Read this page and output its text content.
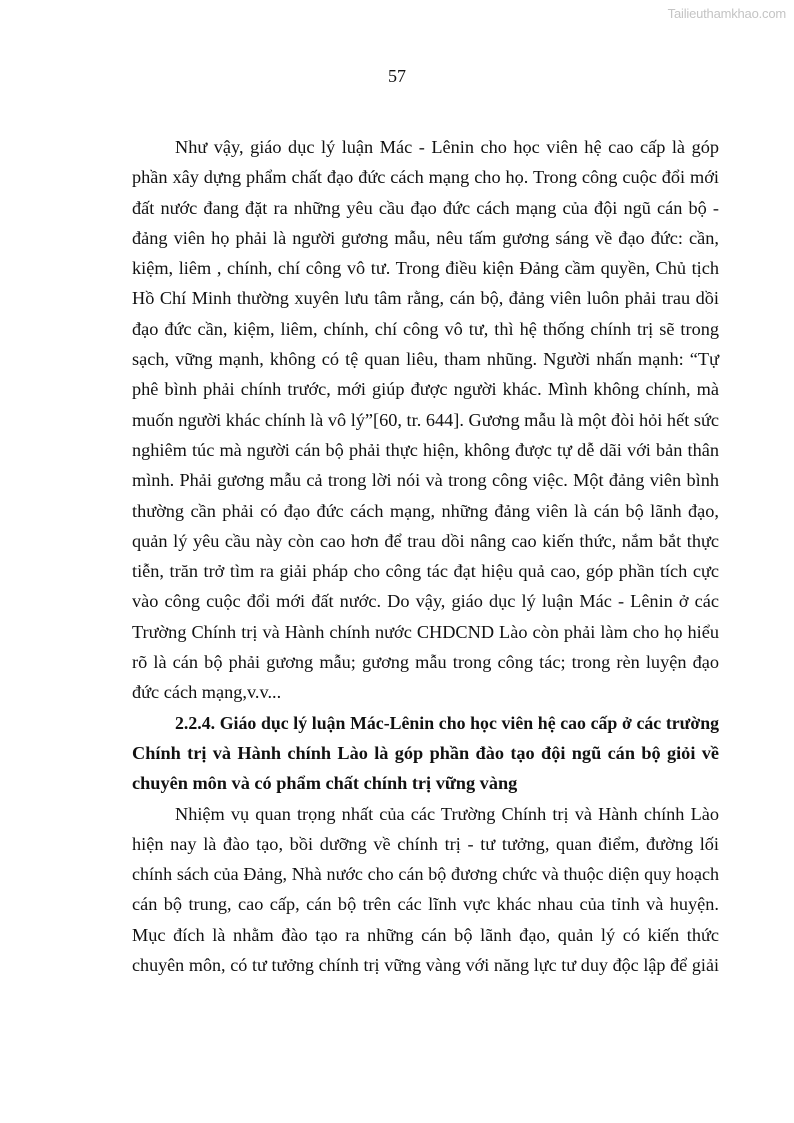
Tailieuthamkhao.com
57
Như vậy, giáo dục lý luận Mác - Lênin cho học viên hệ cao cấp là góp
phần xây dựng phẩm chất đạo đức cách mạng cho họ. Trong công cuộc đổi mới
đất nước đang đặt ra những yêu cầu đạo đức cách mạng của đội ngũ cán bộ -
đảng viên họ phải là người gương mẫu, nêu tấm gương sáng về đạo đức: cần,
kiệm, liêm , chính, chí công vô tư. Trong điều kiện Đảng cầm quyền, Chủ tịch
Hồ Chí Minh thường xuyên lưu tâm rằng, cán bộ, đảng viên luôn phải trau dồi
đạo đức cần, kiệm, liêm, chính, chí công vô tư, thì hệ thống chính trị sẽ trong
sạch, vững mạnh, không có tệ quan liêu, tham nhũng. Người nhấn mạnh: “Tự
phê bình phải chính trước, mới giúp được người khác. Mình không chính, mà
muốn người khác chính là vô lý”[60, tr. 644]. Gương mẫu là một đòi hỏi hết sức
nghiêm túc mà người cán bộ phải thực hiện, không được tự dễ dãi với bản thân
mình. Phải gương mẫu cả trong lời nói và trong công việc. Một đảng viên bình
thường cần phải có đạo đức cách mạng, những đảng viên là cán bộ lãnh đạo,
quản lý yêu cầu này còn cao hơn để trau dồi nâng cao kiến thức, nắm bắt thực
tiễn, trăn trở tìm ra giải pháp cho công tác đạt hiệu quả cao, góp phần tích cực
vào công cuộc đổi mới đất nước. Do vậy, giáo dục lý luận Mác - Lênin ở các
Trường Chính trị và Hành chính nước CHDCND Lào còn phải làm cho họ hiểu
rõ là cán bộ phải gương mẫu; gương mẫu trong công tác; trong rèn luyện đạo
đức cách mạng,v.v...
2.2.4. Giáo dục lý luận Mác-Lênin cho học viên hệ cao cấp ở các trường
Chính trị và Hành chính Lào là góp phần đào tạo đội ngũ cán bộ giỏi về
chuyên môn và có phẩm chất chính trị vững vàng
Nhiệm vụ quan trọng nhất của các Trường Chính trị và Hành chính Lào
hiện nay là đào tạo, bồi dưỡng về chính trị - tư tưởng, quan điểm, đường lối
chính sách của Đảng, Nhà nước cho cán bộ đương chức và thuộc diện quy hoạch
cán bộ trung, cao cấp, cán bộ trên các lĩnh vực khác nhau của tỉnh và huyện.
Mục đích là nhằm đào tạo ra những cán bộ lãnh đạo, quản lý có kiến thức
chuyên môn, có tư tưởng chính trị vững vàng với năng lực tư duy độc lập để giải
